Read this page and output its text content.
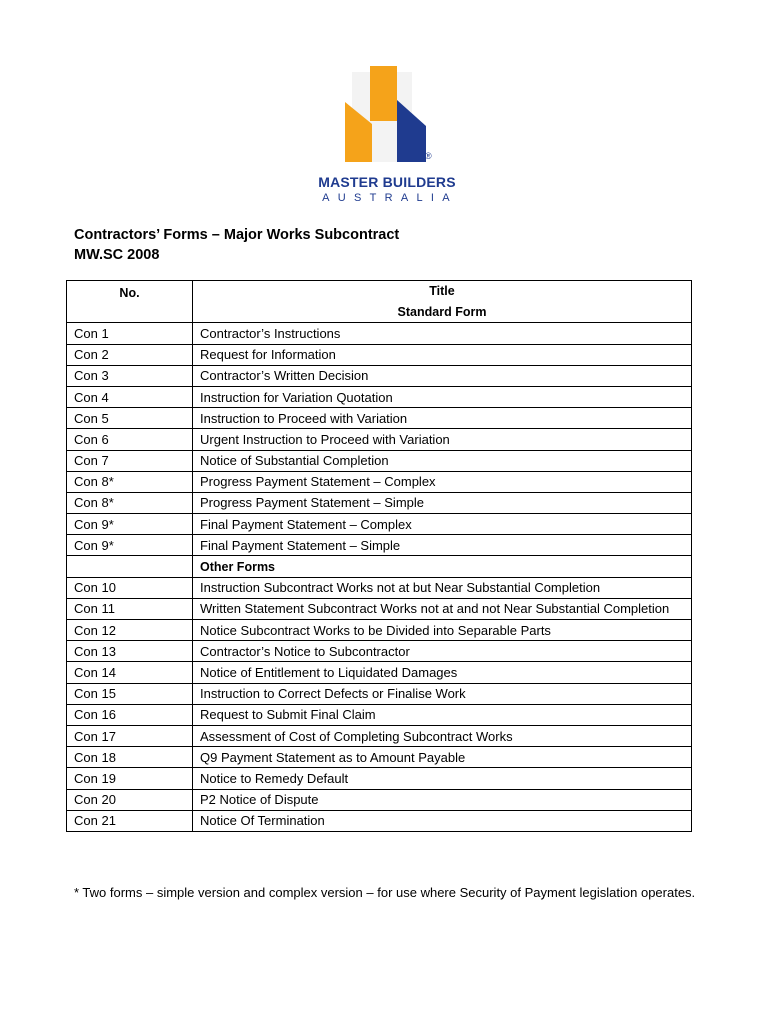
®
MASTER BUILDERS
AUSTRALIA
Contractors’ Forms – Major Works Subcontract
MW.SC 2008
No.	Title
	Standard Form
Con 1	Contractor’s Instructions
Con 2	Request for Information
Con 3	Contractor’s Written Decision
Con 4	Instruction for Variation Quotation
Con 5	Instruction to Proceed with Variation
Con 6	Urgent Instruction to Proceed with Variation
Con 7	Notice of Substantial Completion
Con 8*	Progress Payment Statement – Complex
Con 8*	Progress Payment Statement – Simple
Con 9*	Final Payment Statement – Complex
Con 9*	Final Payment Statement – Simple
	Other Forms
Con 10	Instruction Subcontract Works not at but Near Substantial Completion
Con 11	Written Statement Subcontract Works not at and not Near Substantial Completion
Con 12	Notice Subcontract Works to be Divided into Separable Parts
Con 13	Contractor’s Notice to Subcontractor
Con 14	Notice of Entitlement to Liquidated Damages
Con 15	Instruction to Correct Defects or Finalise Work
Con 16	Request to Submit Final Claim
Con 17	Assessment of Cost of Completing Subcontract Works
Con 18	Q9 Payment Statement as to Amount Payable
Con 19	Notice to Remedy Default
Con 20	P2 Notice of Dispute
Con 21	Notice Of Termination
* Two forms – simple version and complex version – for use where Security of Payment legislation operates.
